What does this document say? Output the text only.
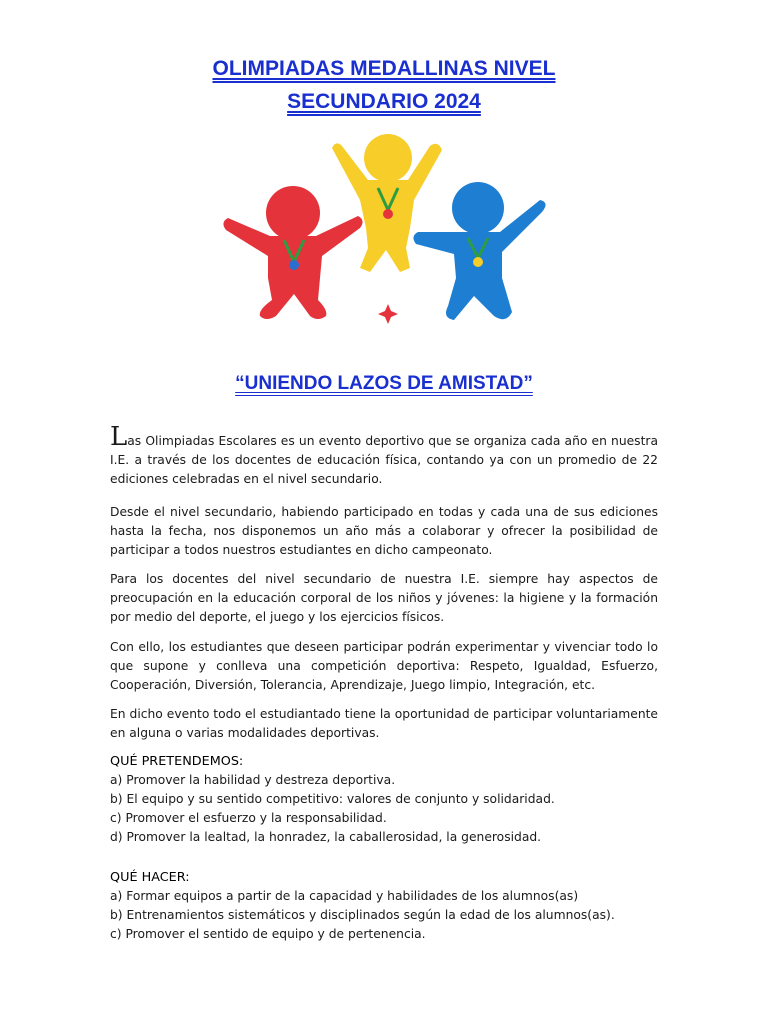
OLIMPIADAS MEDALLINAS NIVEL
SECUNDARIO 2024
“UNIENDO LAZOS DE AMISTAD”

Las Olimpiadas Escolares es un evento deportivo que se organiza cada año en nuestra I.E. a través de los docentes de educación física, contando ya con un promedio de 22 ediciones celebradas en el nivel secundario.

Desde el nivel secundario, habiendo participado en todas y cada una de sus ediciones hasta la fecha, nos disponemos un año más a colaborar y ofrecer la posibilidad de participar a todos nuestros estudiantes en dicho campeonato.

Para los docentes del nivel secundario de nuestra I.E. siempre hay aspectos de preocupación en la educación corporal de los niños y jóvenes: la higiene y la formación por medio del deporte, el juego y los ejercicios físicos.

Con ello, los estudiantes que deseen participar podrán experimentar y vivenciar todo lo que supone y conlleva una competición deportiva: Respeto, Igualdad, Esfuerzo, Cooperación, Diversión, Tolerancia, Aprendizaje, Juego limpio, Integración, etc.

En dicho evento todo el estudiantado tiene la oportunidad de participar voluntariamente en alguna o varias modalidades deportivas.

QUÉ PRETENDEMOS:
a) Promover la habilidad y destreza deportiva.
b) El equipo y su sentido competitivo: valores de conjunto y solidaridad.
c) Promover el esfuerzo y la responsabilidad.
d) Promover la lealtad, la honradez, la caballerosidad, la generosidad.
QUÉ HACER:
a) Formar equipos a partir de la capacidad y habilidades de los alumnos(as)
b) Entrenamientos sistemáticos y disciplinados según la edad de los alumnos(as).
c) Promover el sentido de equipo y de pertenencia.
